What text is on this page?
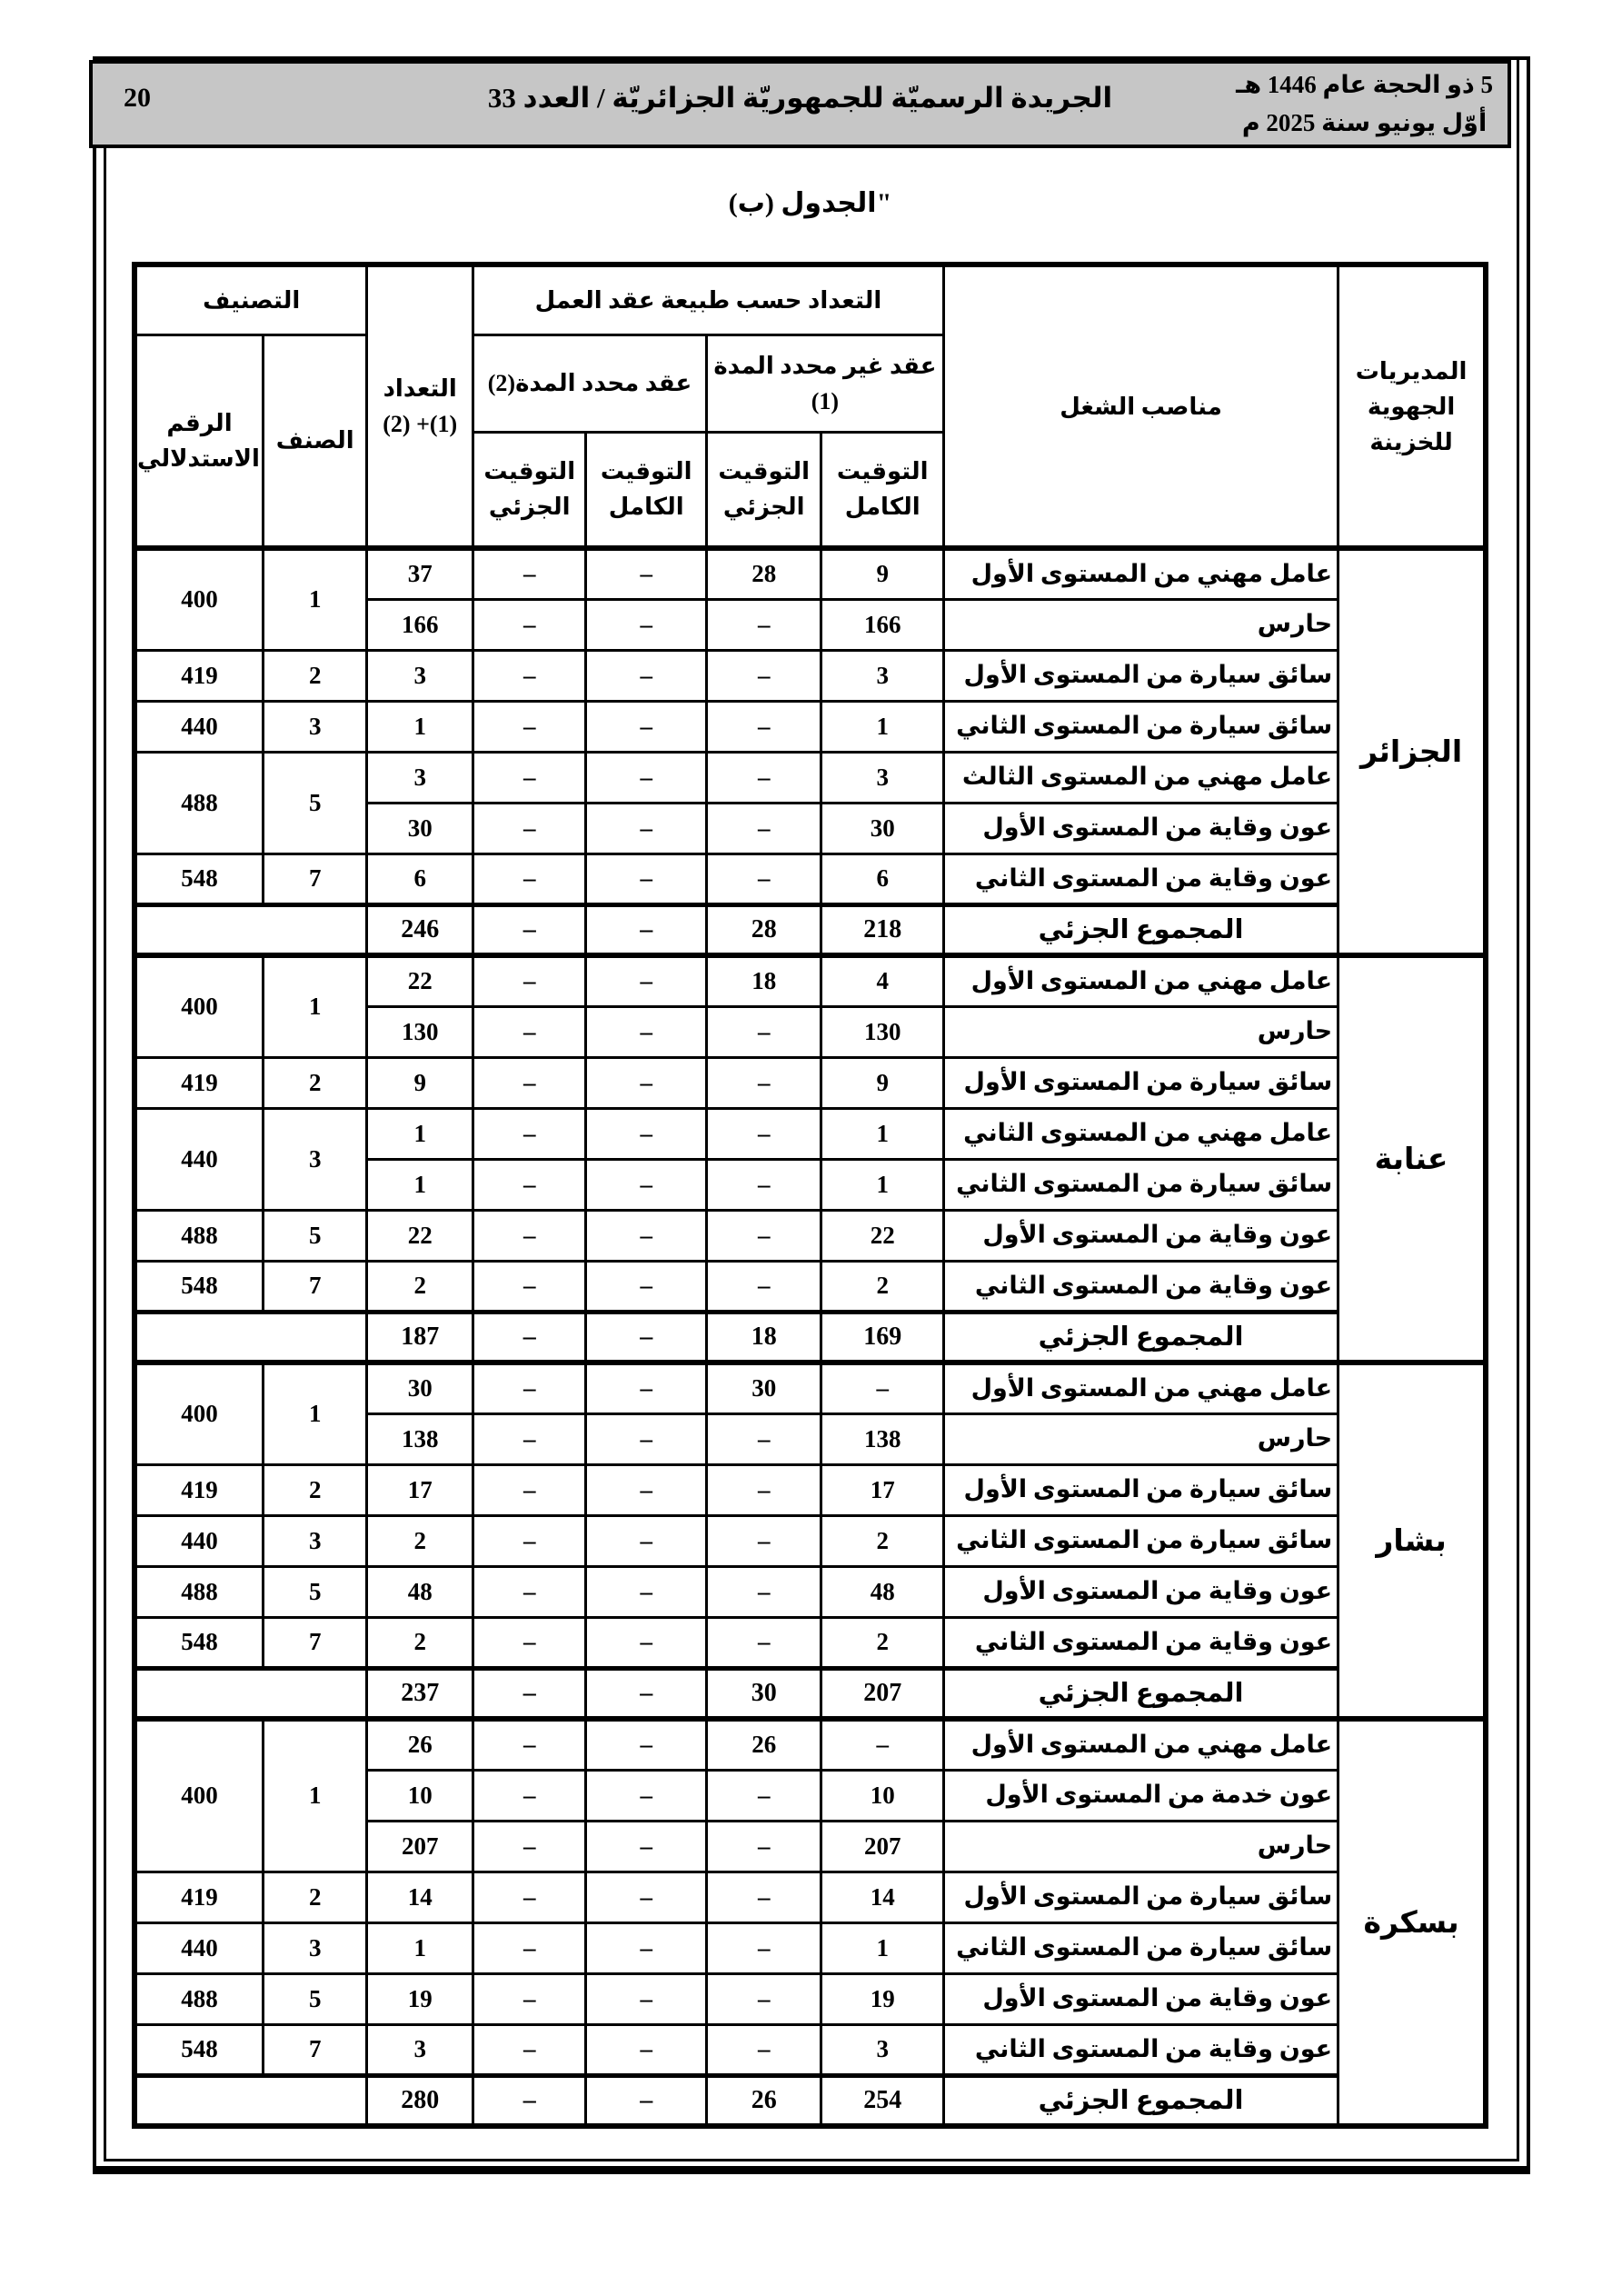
20	الجريدة الرسميّة للجمهوريّة الجزائريّة / العدد 33	5 ذو الحجة عام 1446 هـ
أوّل يونيو سنة 2025 م
"الجدول (ب)
المديريات الجهوية للخزينة	مناصب الشغل	التعداد حسب طبيعة عقد العمل				التعداد
(2) +(1)	التصنيف	
		عقد غير محدد المدة (1)		عقد محدد المدة(2)			الصنف	الرقم الاستدلالي
		التوقيت الكامل	التوقيت الجزئي	التوقيت الكامل	التوقيت الجزئي			
الجزائر	عامل مهني من المستوى الأول	9	28	–	–	37	1	400
	حارس	166	–	–	–	166		
	سائق سيارة من المستوى الأول	3	–	–	–	3	2	419
	سائق سيارة من المستوى الثاني	1	–	–	–	1	3	440
	عامل مهني من المستوى الثالث	3	–	–	–	3	5	488
	عون وقاية من المستوى الأول	30	–	–	–	30		
	عون وقاية من المستوى الثاني	6	–	–	–	6	7	548
	المجموع الجزئي	218	28	–	–	246		
عنابة	عامل مهني من المستوى الأول	4	18	–	–	22	1	400
	حارس	130	–	–	–	130		
	سائق سيارة من المستوى الأول	9	–	–	–	9	2	419
	عامل مهني من المستوى الثاني	1	–	–	–	1	3	440
	سائق سيارة من المستوى الثاني	1	–	–	–	1		
	عون وقاية من المستوى الأول	22	–	–	–	22	5	488
	عون وقاية من المستوى الثاني	2	–	–	–	2	7	548
	المجموع الجزئي	169	18	–	–	187		
بشار	عامل مهني من المستوى الأول	–	30	–	–	30	1	400
	حارس	138	–	–	–	138		
	سائق سيارة من المستوى الأول	17	–	–	–	17	2	419
	سائق سيارة من المستوى الثاني	2	–	–	–	2	3	440
	عون وقاية من المستوى الأول	48	–	–	–	48	5	488
	عون وقاية من المستوى الثاني	2	–	–	–	2	7	548
	المجموع الجزئي	207	30	–	–	237		
بسكرة	عامل مهني من المستوى الأول	–	26	–	–	26	1	400
	عون خدمة من المستوى الأول	10	–	–	–	10		
	حارس	207	–	–	–	207		
	سائق سيارة من المستوى الأول	14	–	–	–	14	2	419
	سائق سيارة من المستوى الثاني	1	–	–	–	1	3	440
	عون وقاية من المستوى الأول	19	–	–	–	19	5	488
	عون وقاية من المستوى الثاني	3	–	–	–	3	7	548
	المجموع الجزئي	254	26	–	–	280		
